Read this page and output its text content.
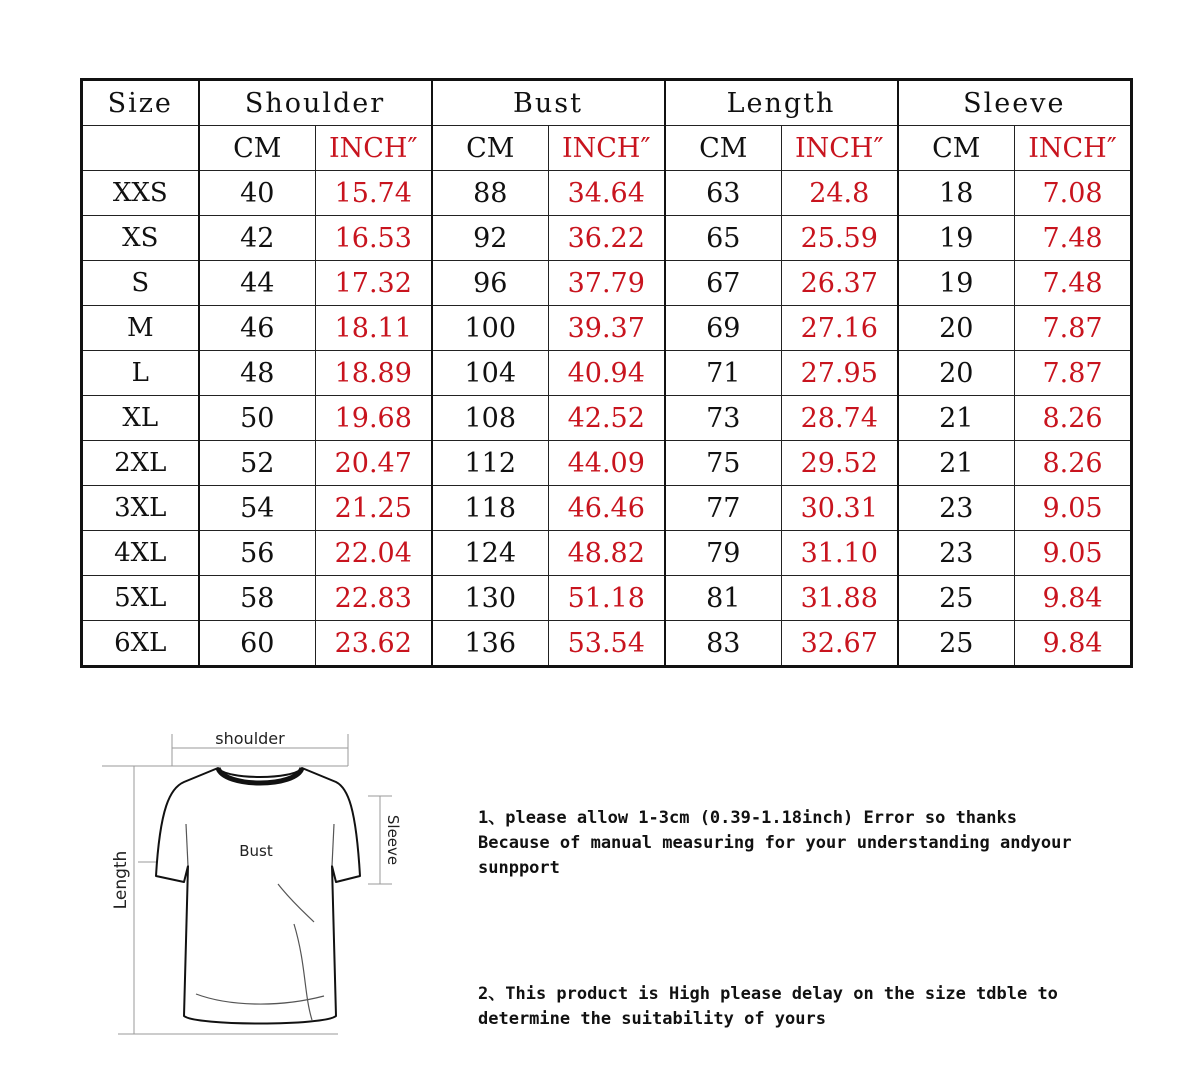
Size	Shoulder		Bust		Length		Sleeve	
	CM	INCH″	CM	INCH″	CM	INCH″	CM	INCH″
XXS	40	15.74	88	34.64	63	24.8	18	7.08
XS	42	16.53	92	36.22	65	25.59	19	7.48
S	44	17.32	96	37.79	67	26.37	19	7.48
M	46	18.11	100	39.37	69	27.16	20	7.87
L	48	18.89	104	40.94	71	27.95	20	7.87
XL	50	19.68	108	42.52	73	28.74	21	8.26
2XL	52	20.47	112	44.09	75	29.52	21	8.26
3XL	54	21.25	118	46.46	77	30.31	23	9.05
4XL	56	22.04	124	48.82	79	31.10	23	9.05
5XL	58	22.83	130	51.18	81	31.88	25	9.84
6XL	60	23.62	136	53.54	83	32.67	25	9.84
shoulder
Bust	Sleeve
Length

1、please allow 1-3cm (0.39-1.18inch) Error so thanks
Because of manual measuring for your understanding andyour
sunpport

2、This product is High please delay on the size tdble to
determine the suitability of yours
